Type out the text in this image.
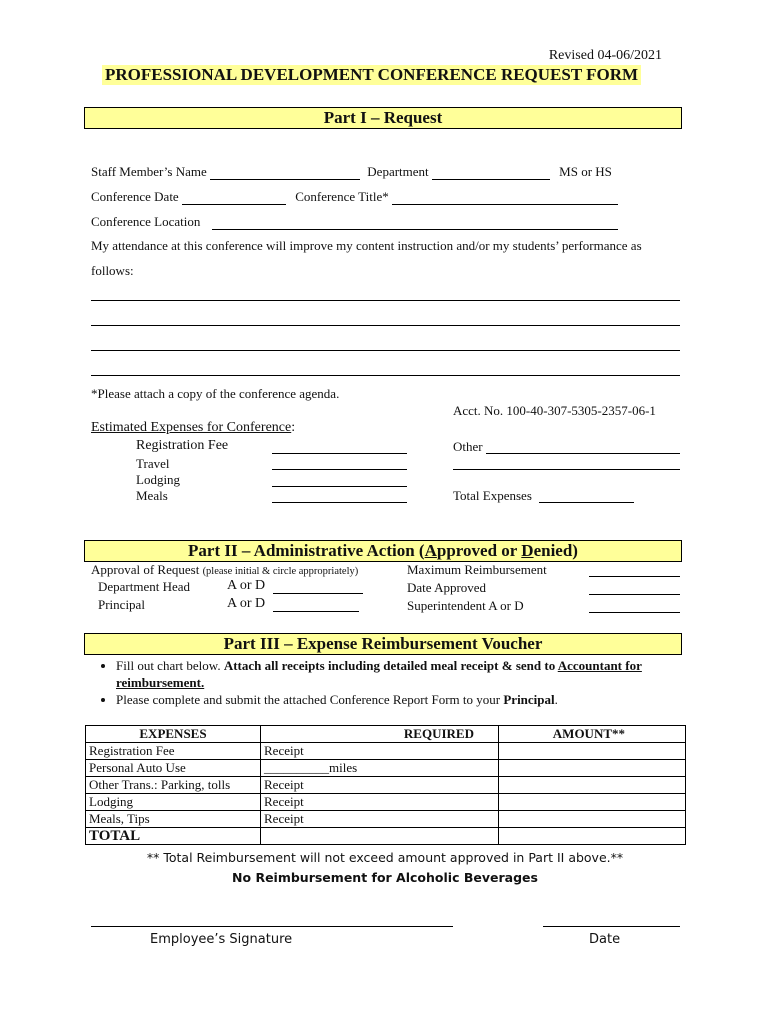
Revised 04-06/2021
PROFESSIONAL DEVELOPMENT CONFERENCE REQUEST FORM
Part I – Request
Staff Member’s Name	Department	MS or HS
Conference Date	Conference Title*
Conference Location
My attendance at this conference will improve my content instruction and/or my students’ performance as
follows:
*Please attach a copy of the conference agenda.
Acct. No. 100-40-307-5305-2357-06-1
Estimated Expenses for Conference:
Registration Fee
Travel
Lodging
Meals
Other
Total Expenses
Part II – Administrative Action (Approved or Denied)
Approval of Request (please initial & circle appropriately)
Department Head	A or D
Principal	A or D
Maximum Reimbursement
Date Approved
Superintendent A or D
Part III – Expense Reimbursement Voucher
• Fill out chart below. Attach all receipts including detailed meal receipt & send to Accountant for reimbursement.
• Please complete and submit the attached Conference Report Form to your Principal.
EXPENSES	REQUIRED	AMOUNT**
Registration Fee	Receipt	
Personal Auto Use	__________miles	
Other Trans.: Parking, tolls	Receipt	
Lodging	Receipt	
Meals, Tips	Receipt	
TOTAL		
** Total Reimbursement will not exceed amount approved in Part II above.**
No Reimbursement for Alcoholic Beverages
Employee’s Signature	Date
